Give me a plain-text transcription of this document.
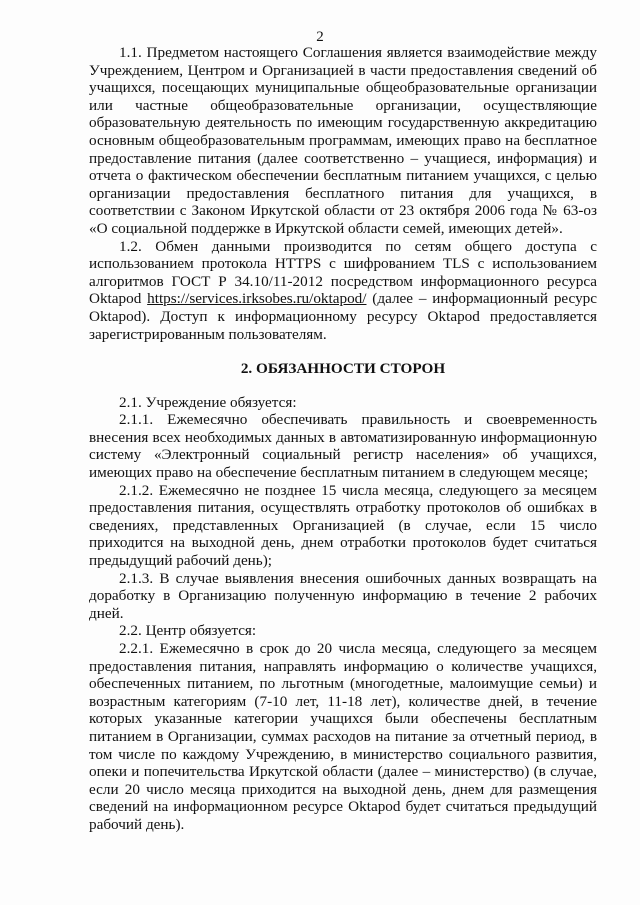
2

1.1. Предметом настоящего Соглашения является взаимодействие между Учреждением, Центром и Организацией в части предоставления сведений об учащихся, посещающих муниципальные общеобразовательные организации или частные общеобразовательные организации, осуществляющие образовательную деятельность по имеющим государственную аккредитацию основным общеобразовательным программам, имеющих право на бесплатное предоставление питания (далее соответственно – учащиеся, информация) и отчета о фактическом обеспечении бесплатным питанием учащихся, с целью организации предоставления бесплатного питания для учащихся, в соответствии с Законом Иркутской области от 23 октября 2006 года № 63-оз «О социальной поддержке в Иркутской области семей, имеющих детей».

1.2. Обмен данными производится по сетям общего доступа с использованием протокола HTTPS с шифрованием TLS с использованием алгоритмов ГОСТ Р 34.10/11-2012 посредством информационного ресурса Oktapod https://services.irksobes.ru/oktapod/ (далее – информационный ресурс Oktapod). Доступ к информационному ресурсу Oktapod предоставляется зарегистрированным пользователям.

2. ОБЯЗАННОСТИ СТОРОН

2.1. Учреждение обязуется:

2.1.1. Ежемесячно обеспечивать правильность и своевременность внесения всех необходимых данных в автоматизированную информационную систему «Электронный социальный регистр населения» об учащихся, имеющих право на обеспечение бесплатным питанием в следующем месяце;

2.1.2. Ежемесячно не позднее 15 числа месяца, следующего за месяцем предоставления питания, осуществлять отработку протоколов об ошибках в сведениях, представленных Организацией (в случае, если 15 число приходится на выходной день, днем отработки протоколов будет считаться предыдущий рабочий день);

2.1.3. В случае выявления внесения ошибочных данных возвращать на доработку в Организацию полученную информацию в течение 2 рабочих дней.

2.2. Центр обязуется:

2.2.1. Ежемесячно в срок до 20 числа месяца, следующего за месяцем предоставления питания, направлять информацию о количестве учащихся, обеспеченных питанием, по льготным (многодетные, малоимущие семьи) и возрастным категориям (7-10 лет, 11-18 лет), количестве дней, в течение которых указанные категории учащихся были обеспечены бесплатным питанием в Организации, суммах расходов на питание за отчетный период, в том числе по каждому Учреждению, в министерство социального развития, опеки и попечительства Иркутской области (далее – министерство) (в случае, если 20 число месяца приходится на выходной день, днем для размещения сведений на информационном ресурсе Oktapod будет считаться предыдущий рабочий день).
